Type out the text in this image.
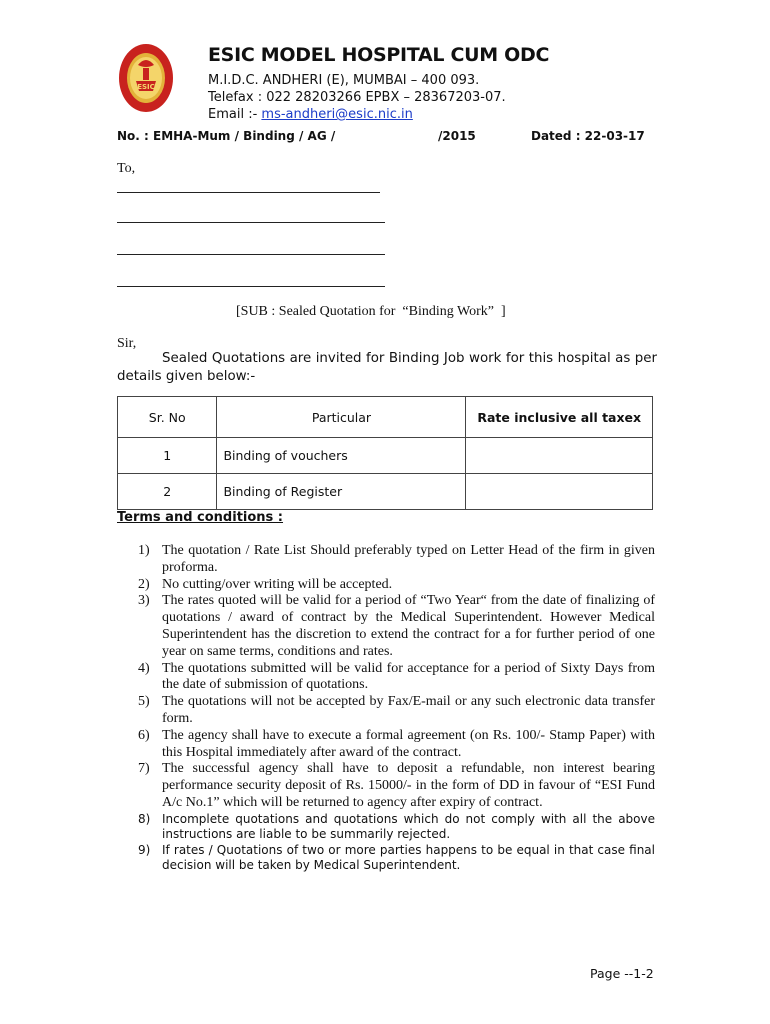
ESIC

ESIC MODEL HOSPITAL CUM ODC

M.I.D.C. ANDHERI (E), MUMBAI – 400 093.

Telefax : 022 28203266 EPBX – 28367203-07.

Email :- ms-andheri@esic.nic.in

No. : EMHA-Mum / Binding / AG /	/2015	Dated : 22-03-17
To,
[SUB : Sealed Quotation for  “Binding Work”  ]
Sir,

Sealed Quotations are invited for Binding Job work for this hospital as per details given below:-

Sr. No	Particular	Rate inclusive all taxex
1	Binding of vouchers	
2	Binding of Register	
Terms and conditions :
1) The quotation / Rate List Should preferably typed on Letter Head of the firm in given proforma.
2) No cutting/over writing will be accepted.
3) The rates quoted will be valid for a period of “Two Year“ from the date of finalizing of quotations / award of contract by the Medical Superintendent. However Medical Superintendent has the discretion to extend the contract for a for further period of one year on same terms, conditions and rates.
4) The quotations submitted will be valid for acceptance for a period of Sixty Days from the date of submission of quotations.
5) The quotations will not be accepted by Fax/E-mail or any such electronic data transfer form.
6) The agency shall have to execute a formal agreement (on Rs. 100/- Stamp Paper) with this Hospital immediately after award of the contract.
7) The successful agency shall have to deposit a refundable, non interest bearing performance security deposit of Rs. 15000/- in the form of DD in favour of “ESI Fund A/c No.1” which will be returned to agency after expiry of contract.
8) Incomplete quotations and quotations which do not comply with all the above instructions are liable to be summarily rejected.
9) If rates / Quotations of two or more parties happens to be equal in that case final decision will be taken by Medical Superintendent.
Page --1-2
